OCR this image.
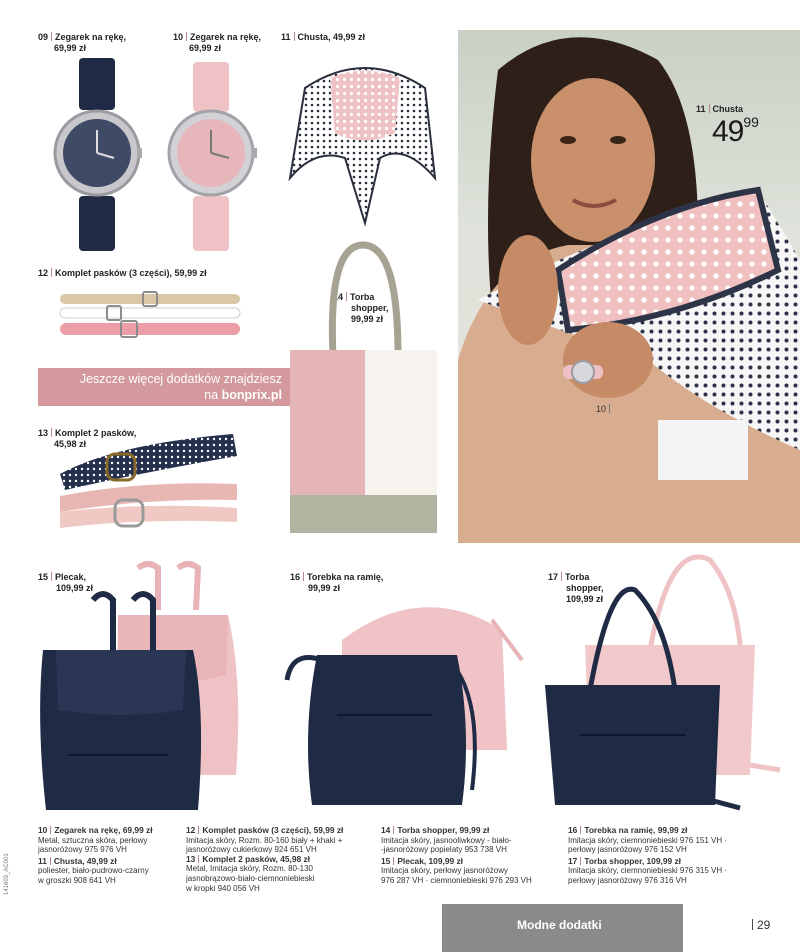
09 Zegarek na rękę,
69,99 zł
10 Zegarek na rękę,
69,99 zł
11 Chusta, 49,99 zł
12 Komplet pasków (3 części), 59,99 zł
Jeszcze więcej dodatków znajdziesz
na bonprix.pl
13 Komplet 2 pasków,
45,98 zł
14 Torba
shopper,
99,99 zł
11 Chusta
10
4999
15 Plecak,
109,99 zł
16 Torebka na ramię,
99,99 zł
17 Torba
shopper,
109,99 zł
10 Zegarek na rękę, 69,99 zł
Metal, sztuczna skóra, perłowy
jasnoróżowy 975 976 VH
11 Chusta, 49,99 zł
poliester, biało-pudrowo-czarny
w groszki 908 641 VH
12 Komplet pasków (3 części), 59,99 zł
Imitacja skóry, Rozm. 80-160 biały + khaki +
jasnoróżowy cukierkowy 924 651 VH
13 Komplet 2 pasków, 45,98 zł
Metal, Imitacja skóry, Rozm. 80-130
jasnobrązowo-biało-ciemnoniebieski
w kropki 940 056 VH
14 Torba shopper, 99,99 zł
Imitacja skóry, jasnooliwkowy - biało-
-jasnoróżowy popielaty 953 738 VH
15 Plecak, 109,99 zł
Imitacja skóry, perłowy jasnoróżowy
976 287 VH · ciemnoniebieski 976 293 VH
16 Torebka na ramię, 99,99 zł
Imitacja skóry, ciemnoniebieski 976 151 VH ·
perłowy jasnoróżowy 976 152 VH
17 Torba shopper, 109,99 zł
Imitacja skóry, ciemnoniebieski 976 315 VH ·
perłowy jasnoróżowy 976 316 VH
Modne dodatki	29
141603_AC001
